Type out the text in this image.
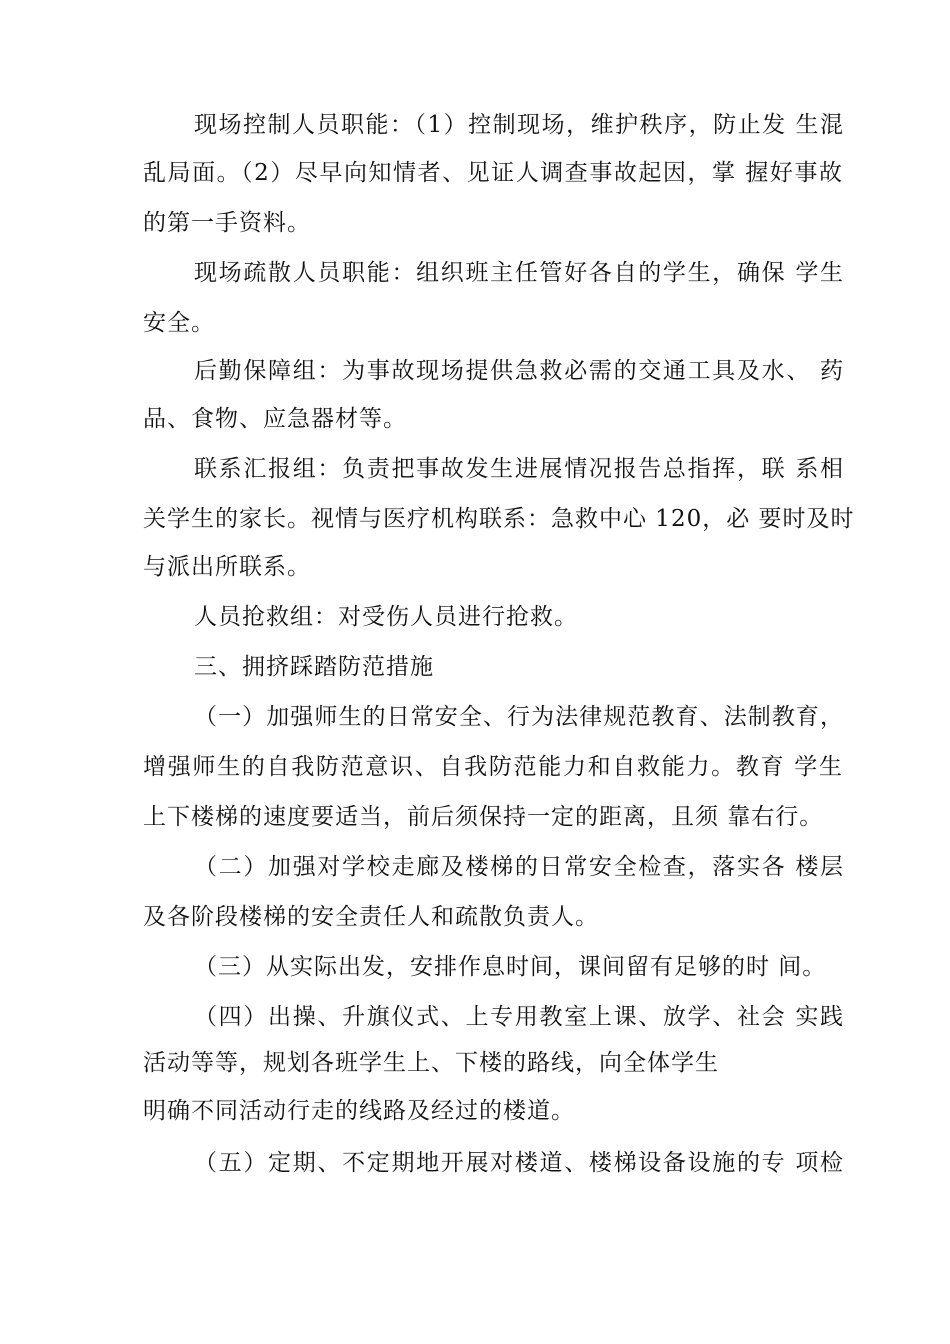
现场控制人员职能：（1）控制现场，维护秩序，防止发 生混
乱局面。（2）尽早向知情者、见证人调查事故起因，掌 握好事故
的第一手资料。
现场疏散人员职能：组织班主任管好各自的学生，确保 学生
安全。
后勤保障组：为事故现场提供急救必需的交通工具及水、 药
品、食物、应急器材等。
联系汇报组：负责把事故发生进展情况报告总指挥，联 系相
关学生的家长。视情与医疗机构联系：急救中心 120，必 要时及时
与派出所联系。
人员抢救组：对受伤人员进行抢救。
三、拥挤踩踏防范措施
（一）加强师生的日常安全、行为法律规范教育、法制教育，
增强师生的自我防范意识、自我防范能力和自救能力。教育 学生
上下楼梯的速度要适当，前后须保持一定的距离，且须 靠右行。
（二）加强对学校走廊及楼梯的日常安全检查，落实各 楼层
及各阶段楼梯的安全责任人和疏散负责人。
（三）从实际出发，安排作息时间，课间留有足够的时 间。
（四）出操、升旗仪式、上专用教室上课、放学、社会 实践
活动等等，规划各班学生上、下楼的路线，向全体学生
明确不同活动行走的线路及经过的楼道。
（五）定期、不定期地开展对楼道、楼梯设备设施的专 项检
